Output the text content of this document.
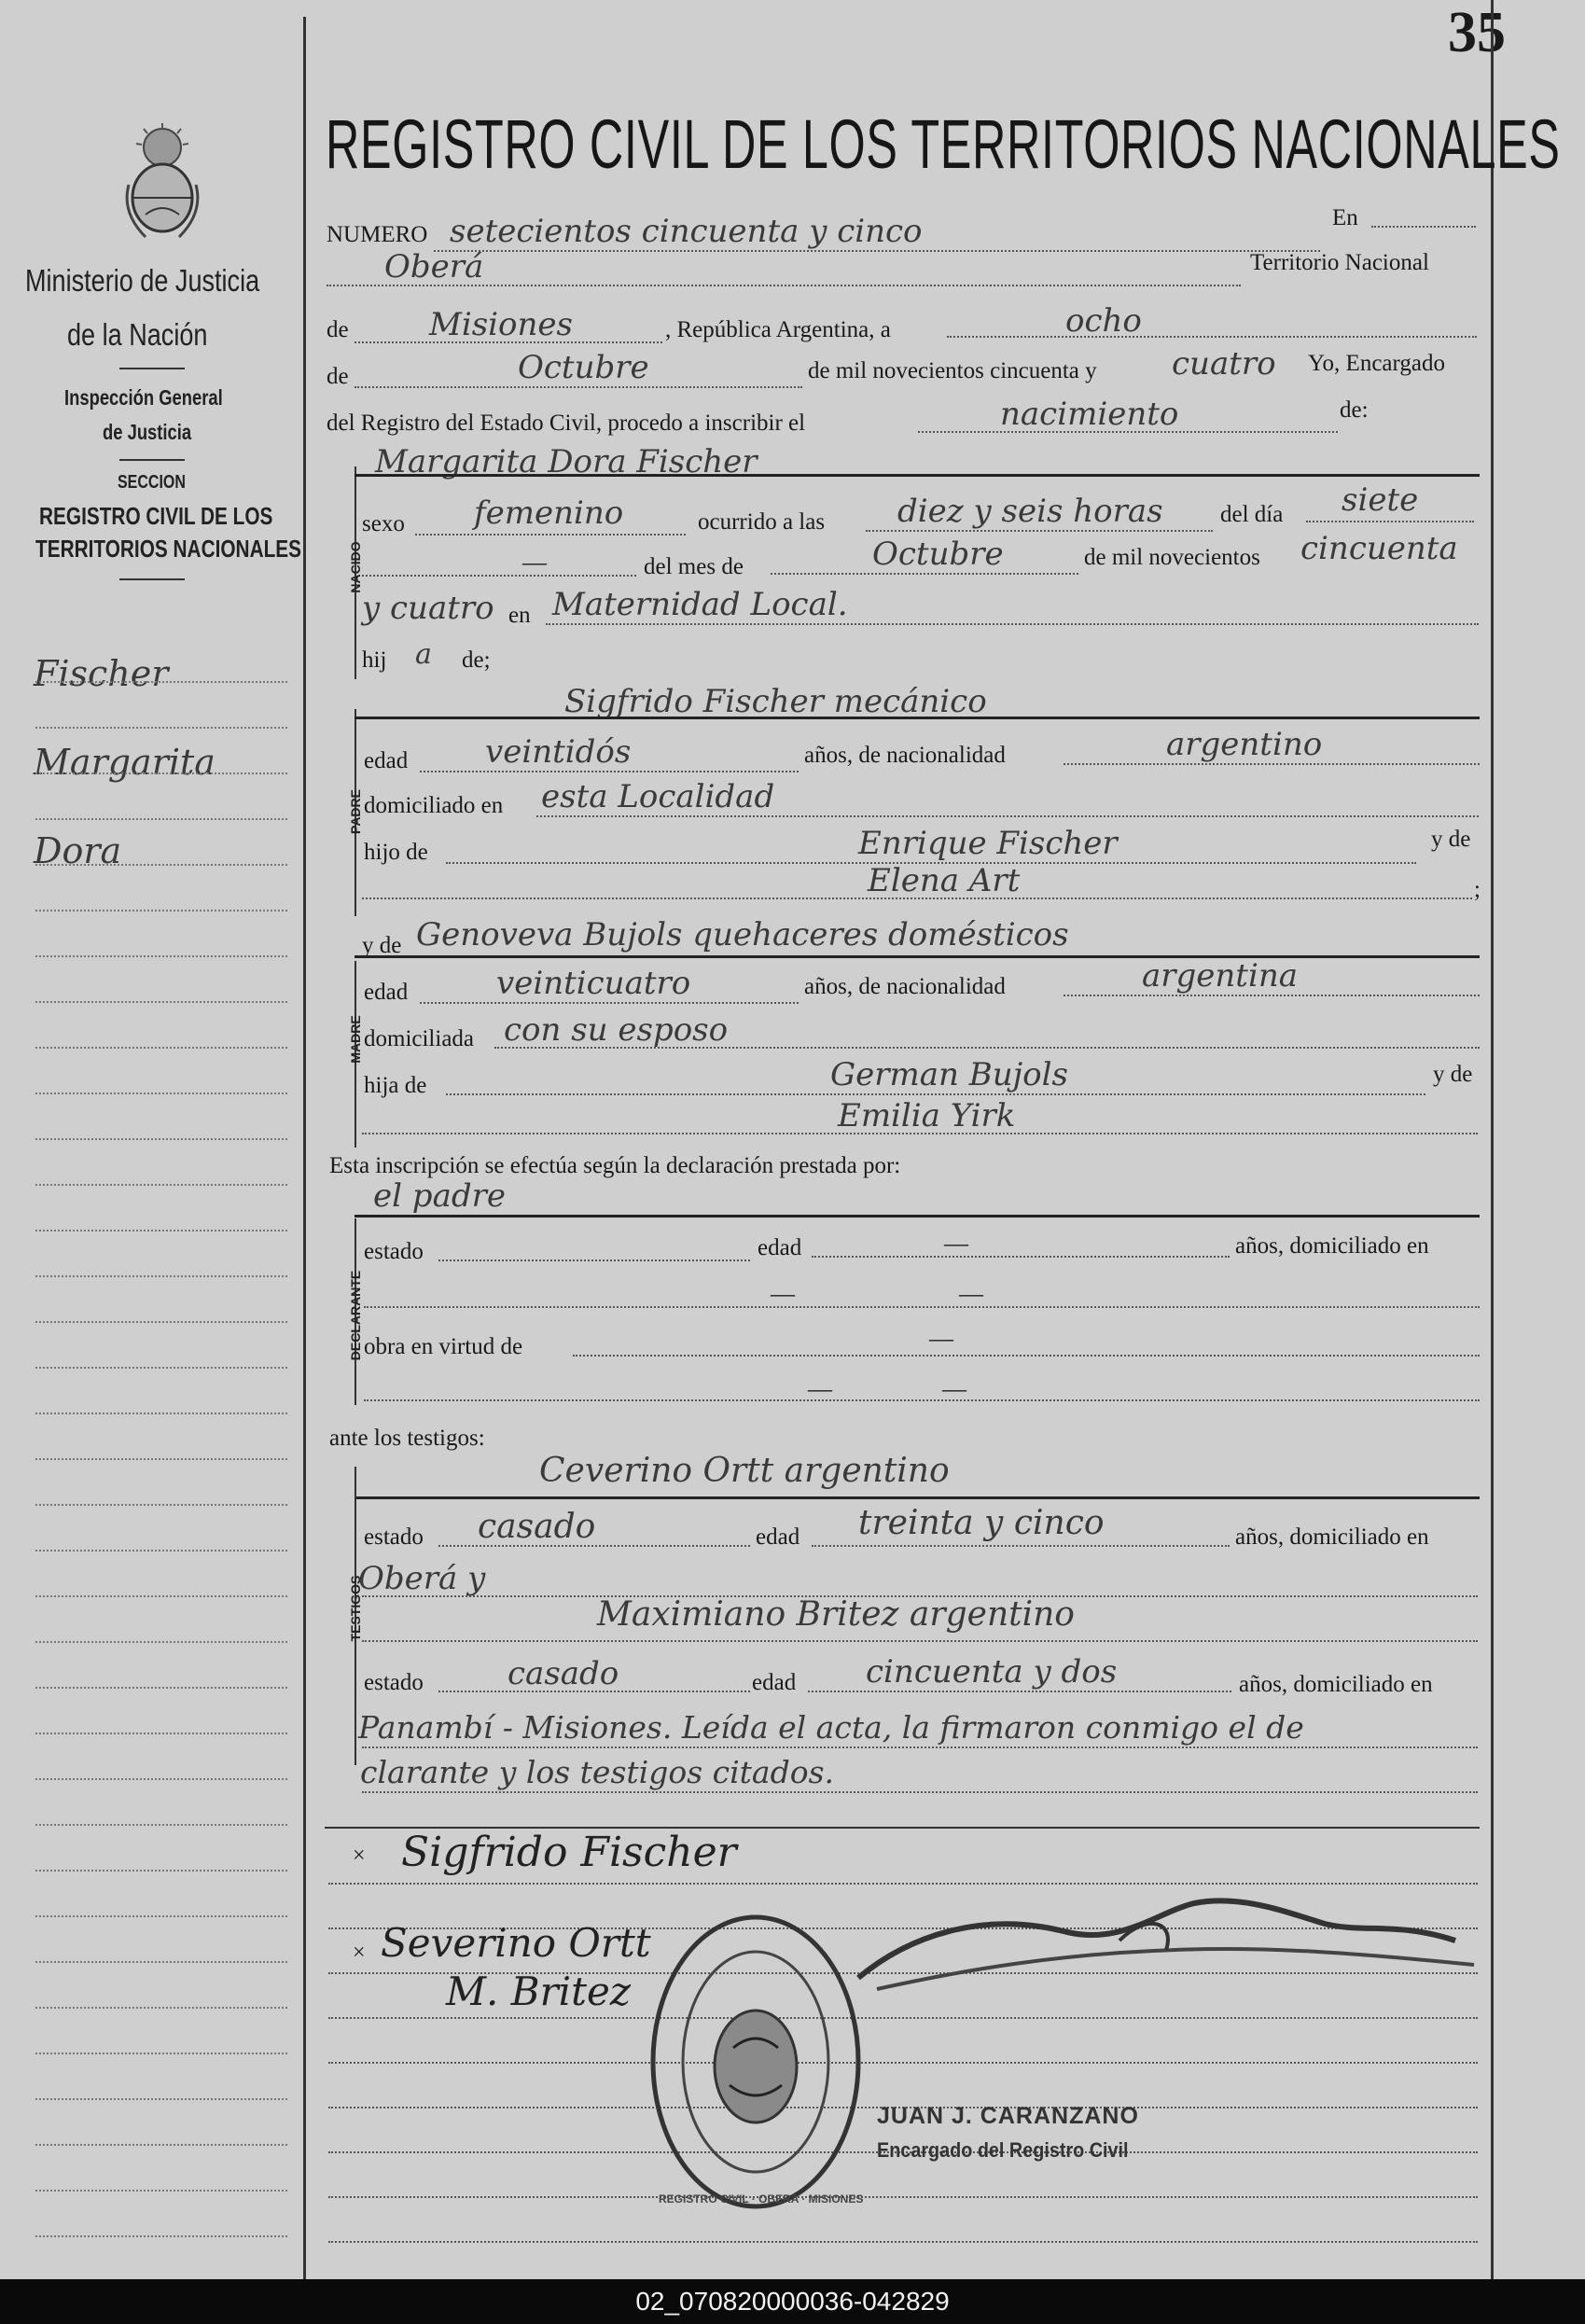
35
Ministerio de Justicia
de la Nación
Inspección General
de Justicia
SECCION
REGISTRO CIVIL DE LOS
TERRITORIOS NACIONALES
Fischer
Margarita
Dora
REGISTRO CIVIL DE LOS TERRITORIOS NACIONALES
NUMERO setecientos cincuenta y cinco	En
Oberá	Territorio Nacional
de	Misiones	, República Argentina, a	ocho
de	Octubre	de mil novecientos cincuenta y cuatro Yo, Encargado
del Registro del Estado Civil, procedo a inscribir el	nacimiento	de:
NACIDO
Margarita Dora Fischer
sexo femenino	ocurrido a las diez y seis horas del día siete
—	del mes de	Octubre	de mil novecientos cincuenta
y cuatro en Maternidad Local.
hij a de;
PADRE
Sigfrido Fischer mecánico
edad veintidós	años, de nacionalidad	argentino
domiciliado en esta Localidad
hijo de	Enrique Fischer	y de
Elena Art	;
y de Genoveva Bujols quehaceres domésticos
MADRE
edad	veinticuatro	años, de nacionalidad	argentina
domiciliada con su esposo
hija de	German Bujols	y de
Emilia Yirk
Esta inscripción se efectúa según la declaración prestada por:
el padre
DECLARANTE
estado	edad	—	años, domiciliado en
—	—
obra en virtud de	—
—	—
ante los testigos:
Ceverino Ortt argentino
TESTIGOS
estado casado	edad treinta y cinco	años, domiciliado en
Oberá y
Maximiano Britez argentino
estado	casado	edad cincuenta y dos	años, domiciliado en
Panambí - Misiones. Leída el acta, la firmaron conmigo el de
clarante y los testigos citados.
× Sigfrido Fischer
× Severino Ortt
M. Britez
REGISTRO CIVIL · OBERA · MISIONES
JUAN J. CARANZANO
Encargado del Registro Civil
02_070820000036-042829
